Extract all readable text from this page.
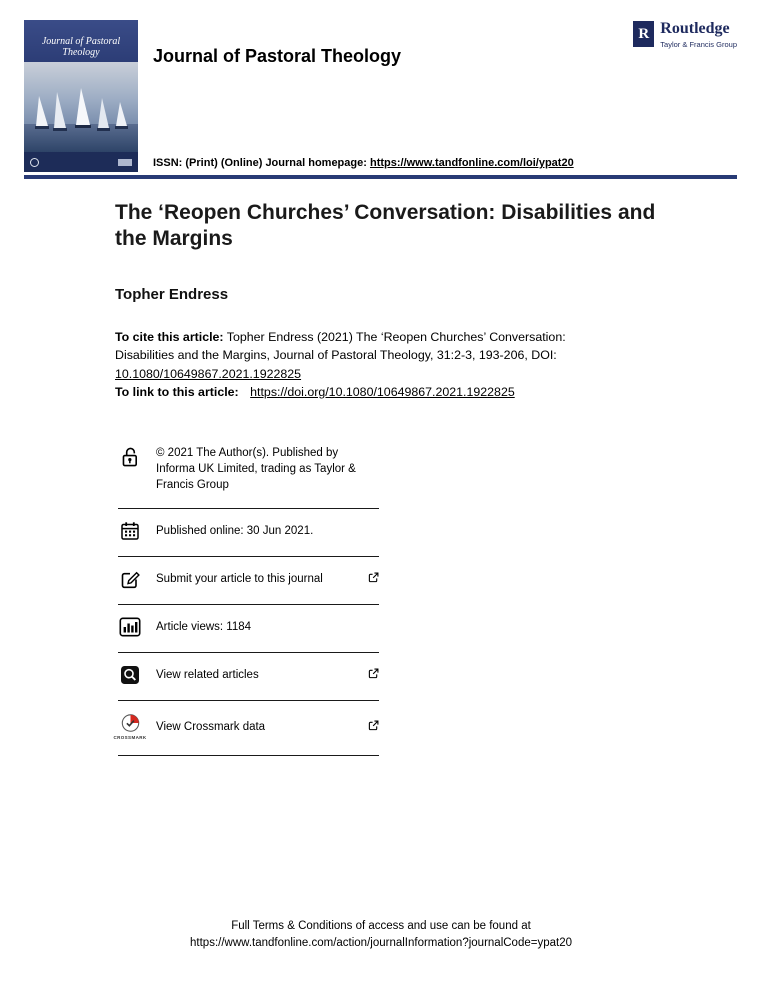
Journal of Pastoral Theology
R Routledge
Taylor & Francis Group
Journal of Pastoral Theology
ISSN: (Print) (Online) Journal homepage: https://www.tandfonline.com/loi/ypat20
The ‘Reopen Churches’ Conversation: Disabilities and the Margins
Topher Endress

To cite this article: Topher Endress (2021) The ‘Reopen Churches’ Conversation: Disabilities and the Margins, Journal of Pastoral Theology, 31:2-3, 193-206, DOI: 10.1080/10649867.2021.1922825

To link to this article: https://doi.org/10.1080/10649867.2021.1922825

© 2021 The Author(s). Published by Informa UK Limited, trading as Taylor & Francis Group
Published online: 30 Jun 2021.
Submit your article to this journal
Article views: 1184
View related articles
CROSSMARK
View Crossmark data
Full Terms & Conditions of access and use can be found at
https://www.tandfonline.com/action/journalInformation?journalCode=ypat20
